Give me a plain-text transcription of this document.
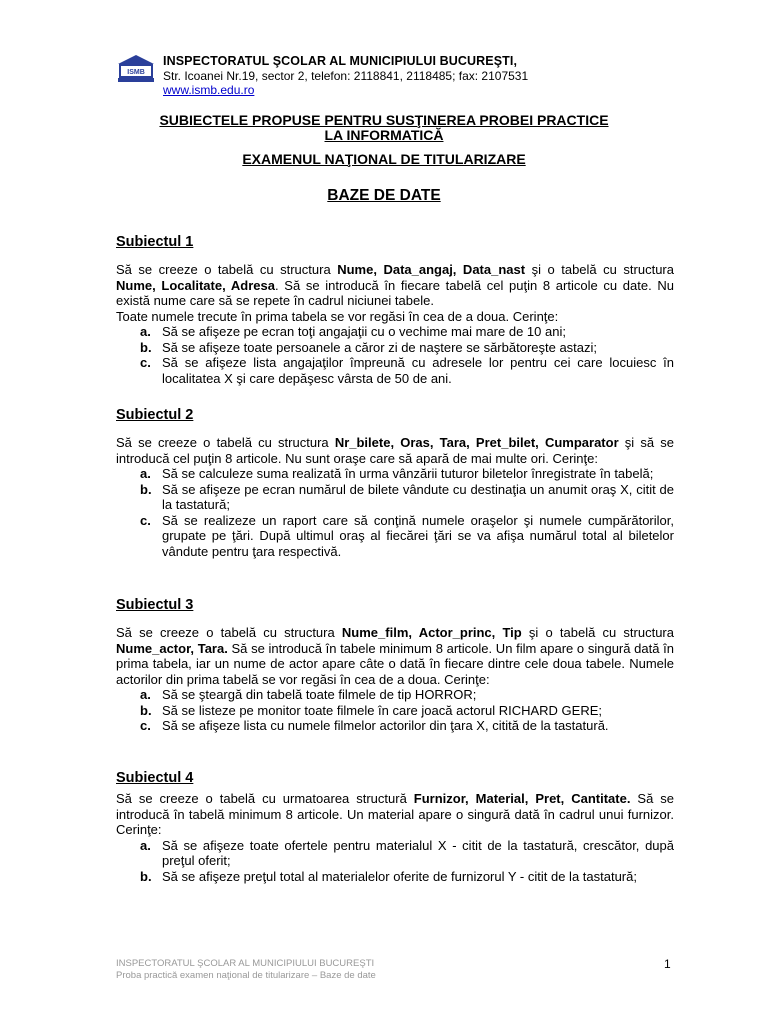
ISMB
INSPECTORATUL ŞCOLAR AL MUNICIPIULUI BUCUREŞTI,
Str. Icoanei Nr.19, sector 2, telefon: 2118841, 2118485; fax: 2107531
www.ismb.edu.ro
SUBIECTELE PROPUSE PENTRU SUSŢINEREA PROBEI PRACTICE
LA INFORMATICĂ
EXAMENUL NAŢIONAL DE TITULARIZARE
BAZE DE DATE
Subiectul 1

Să se creeze o tabelă cu structura Nume, Data_angaj, Data_nast şi o tabelă cu structura Nume, Localitate, Adresa. Să se introducă în fiecare tabelă cel puţin 8 articole cu date. Nu există nume care să se repete în cadrul niciunei tabele.

Toate numele trecute în prima tabela se vor regăsi în cea de a doua. Cerinţe:

a. Să se afişeze pe ecran toţi angajaţii cu o vechime mai mare de 10 ani;
b. Să se afişeze toate persoanele a căror zi de naştere se sărbătoreşte astazi;
c. Să se afişeze lista angajaţilor împreună cu adresele lor pentru cei care locuiesc în localitatea X şi care depăşesc vârsta de 50 de ani.
Subiectul 2

Să se creeze o tabelă cu structura Nr_bilete, Oras, Tara, Pret_bilet, Cumparator şi să se introducă cel puţin 8 articole. Nu sunt oraşe care să apară de mai multe ori. Cerinţe:

a. Să se calculeze suma realizată în urma vânzării tuturor biletelor înregistrate în tabelă;
b. Să se afişeze pe ecran numărul de bilete vândute cu destinaţia un anumit oraş X, citit de la tastatură;
c. Să se realizeze un raport care să conţină numele oraşelor şi numele cumpărătorilor, grupate pe ţări. După ultimul oraş al fiecărei ţări se va afişa numărul total al biletelor vândute pentru ţara respectivă.
Subiectul 3

Să se creeze o tabelă cu structura Nume_film, Actor_princ, Tip şi o tabelă cu structura Nume_actor, Tara. Să se introducă în tabele minimum 8 articole. Un film apare o singură dată în prima tabela, iar un nume de actor apare câte o dată în fiecare dintre cele doua tabele. Numele actorilor din prima tabelă se vor regăsi în cea de a doua. Cerinţe:

a. Să se şteargă din tabelă toate filmele de tip HORROR;
b. Să se listeze pe monitor toate filmele în care joacă actorul RICHARD GERE;
c. Să se afişeze lista cu numele filmelor actorilor din ţara X, citită de la tastatură.
Subiectul 4

Să se creeze o tabelă cu urmatoarea structură Furnizor, Material, Pret, Cantitate. Să se introducă în tabelă minimum 8 articole. Un material apare o singură dată în cadrul unui furnizor. Cerinţe:

a. Să se afişeze toate ofertele pentru materialul X - citit de la tastatură, crescător, după preţul oferit;
b. Să se afişeze preţul total al materialelor oferite de furnizorul Y - citit de la tastatură;
INSPECTORATUL ŞCOLAR AL MUNICIPIULUI BUCUREŞTI
Proba practică examen naţional de titularizare – Baze de date
1
